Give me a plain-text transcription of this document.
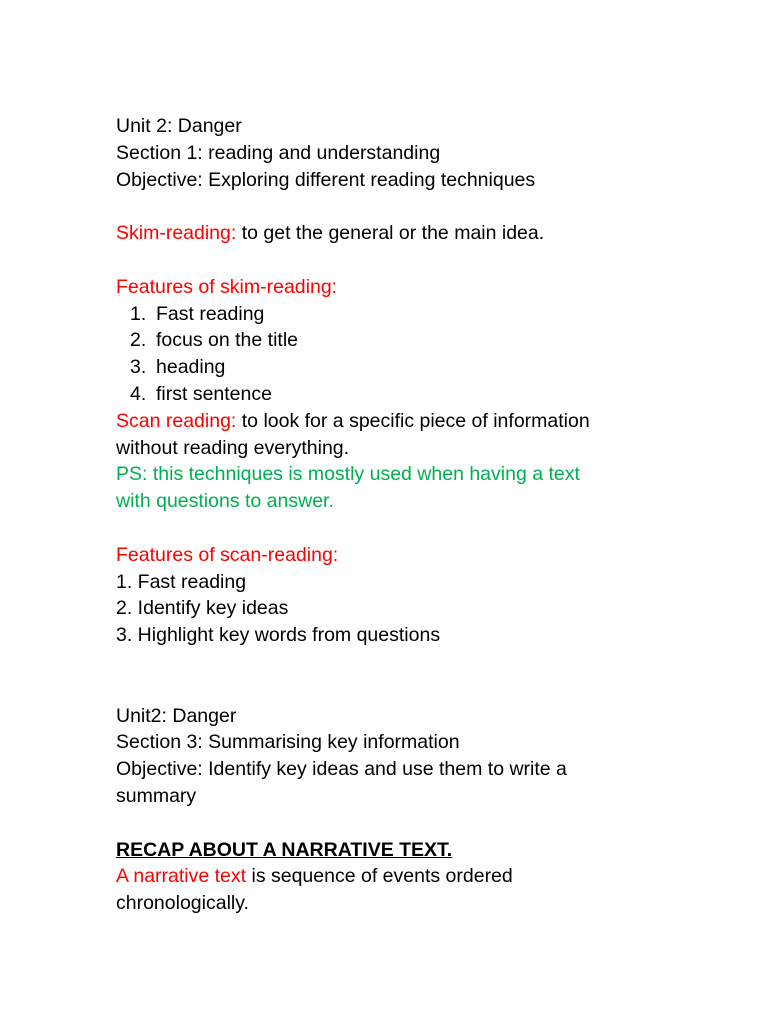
Unit 2: Danger
Section 1: reading and understanding
Objective: Exploring different reading techniques
Skim-reading: to get the general or the main idea.
Features of skim-reading:
1. Fast reading
2. focus on the title
3. heading
4. first sentence
Scan reading: to look for a specific piece of information
without reading everything.
PS: this techniques is mostly used when having a text
with questions to answer.
Features of scan-reading:
1. Fast reading
2. Identify key ideas
3. Highlight key words from questions
Unit2: Danger
Section 3: Summarising key information
Objective: Identify key ideas and use them to write a
summary
RECAP ABOUT A NARRATIVE TEXT.
A narrative text is sequence of events ordered
chronologically.
